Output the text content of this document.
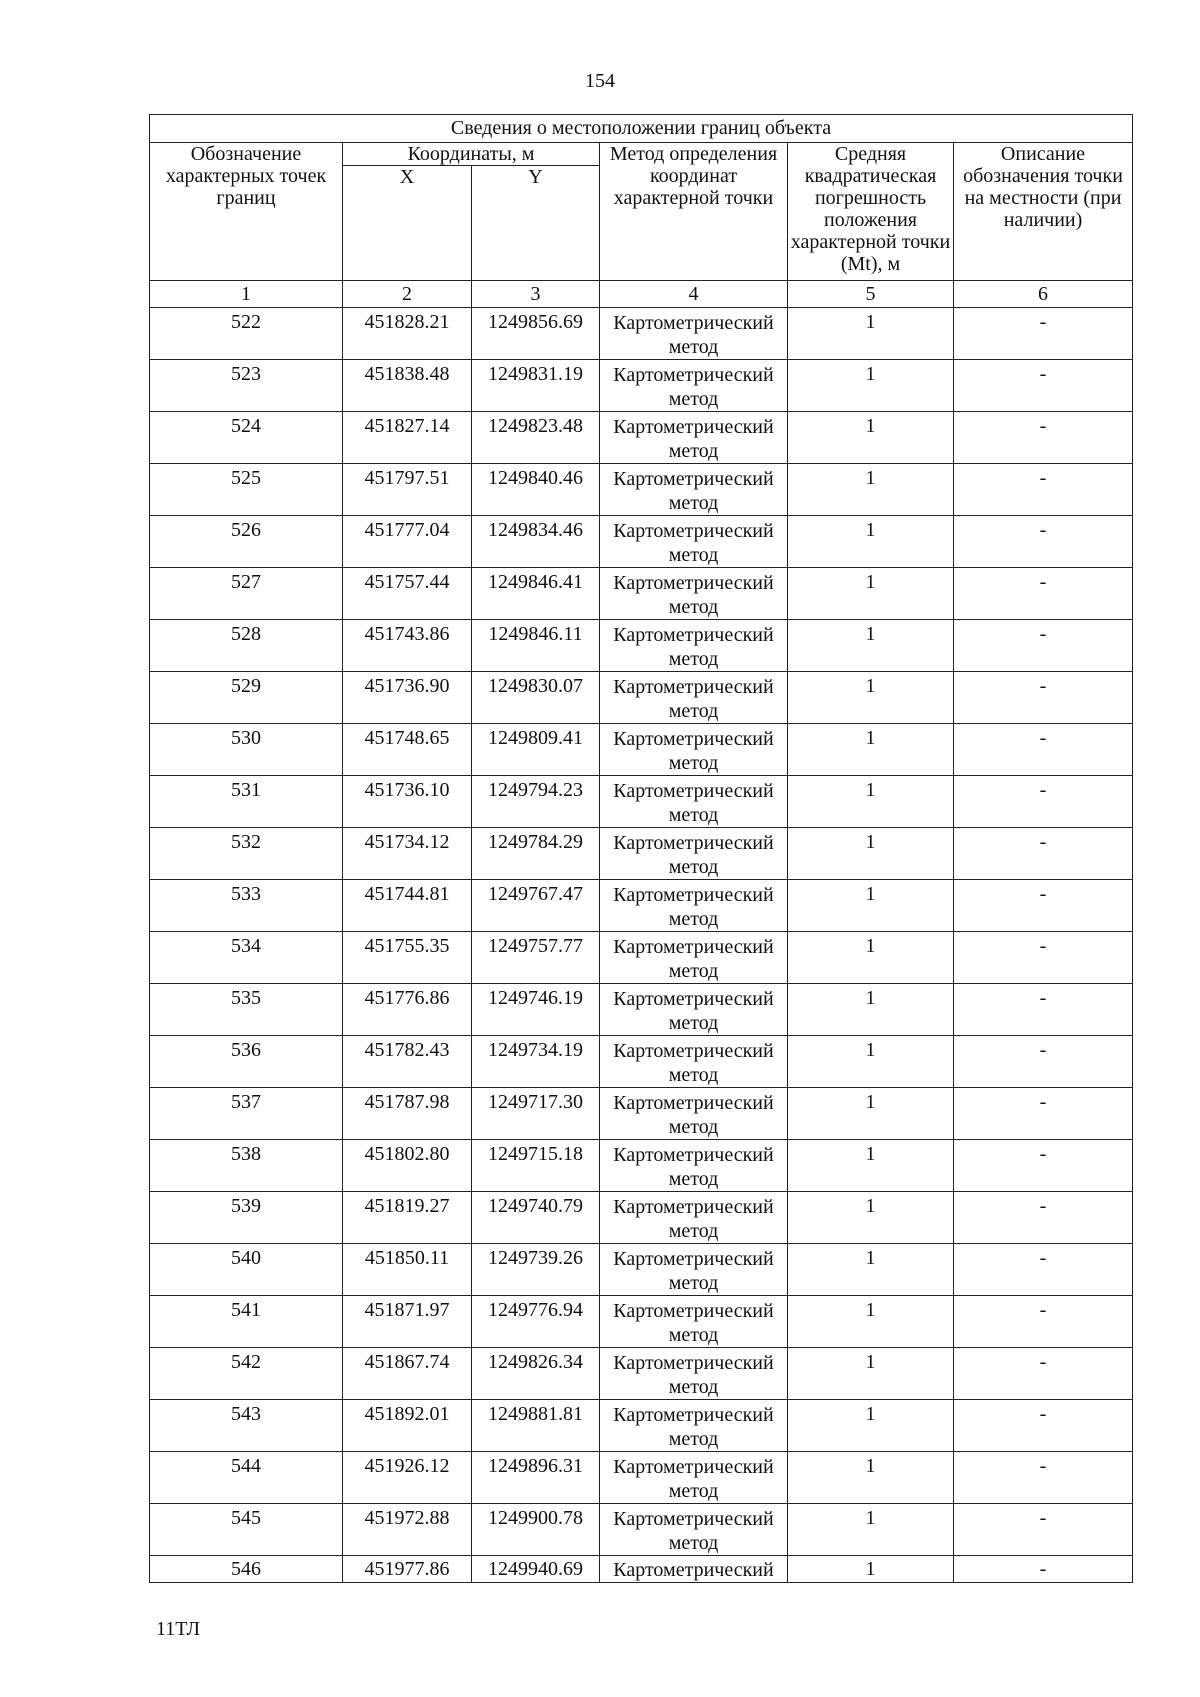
154
Сведения о местоположении границ объекта					
Обозначение характерных точек границ	Координаты, м		Метод определения координат характерной точки	Средняя квадратическая погрешность положения характерной точки (Mt), м	Описание обозначения точки на местности (при наличии)
	X	Y			
1	2	3	4	5	6
522	451828.21	1249856.69	Картометрический метод	1	-
523	451838.48	1249831.19	Картометрический метод	1	-
524	451827.14	1249823.48	Картометрический метод	1	-
525	451797.51	1249840.46	Картометрический метод	1	-
526	451777.04	1249834.46	Картометрический метод	1	-
527	451757.44	1249846.41	Картометрический метод	1	-
528	451743.86	1249846.11	Картометрический метод	1	-
529	451736.90	1249830.07	Картометрический метод	1	-
530	451748.65	1249809.41	Картометрический метод	1	-
531	451736.10	1249794.23	Картометрический метод	1	-
532	451734.12	1249784.29	Картометрический метод	1	-
533	451744.81	1249767.47	Картометрический метод	1	-
534	451755.35	1249757.77	Картометрический метод	1	-
535	451776.86	1249746.19	Картометрический метод	1	-
536	451782.43	1249734.19	Картометрический метод	1	-
537	451787.98	1249717.30	Картометрический метод	1	-
538	451802.80	1249715.18	Картометрический метод	1	-
539	451819.27	1249740.79	Картометрический метод	1	-
540	451850.11	1249739.26	Картометрический метод	1	-
541	451871.97	1249776.94	Картометрический метод	1	-
542	451867.74	1249826.34	Картометрический метод	1	-
543	451892.01	1249881.81	Картометрический метод	1	-
544	451926.12	1249896.31	Картометрический метод	1	-
545	451972.88	1249900.78	Картометрический метод	1	-
546	451977.86	1249940.69	Картометрический	1	-
11ТЛ
